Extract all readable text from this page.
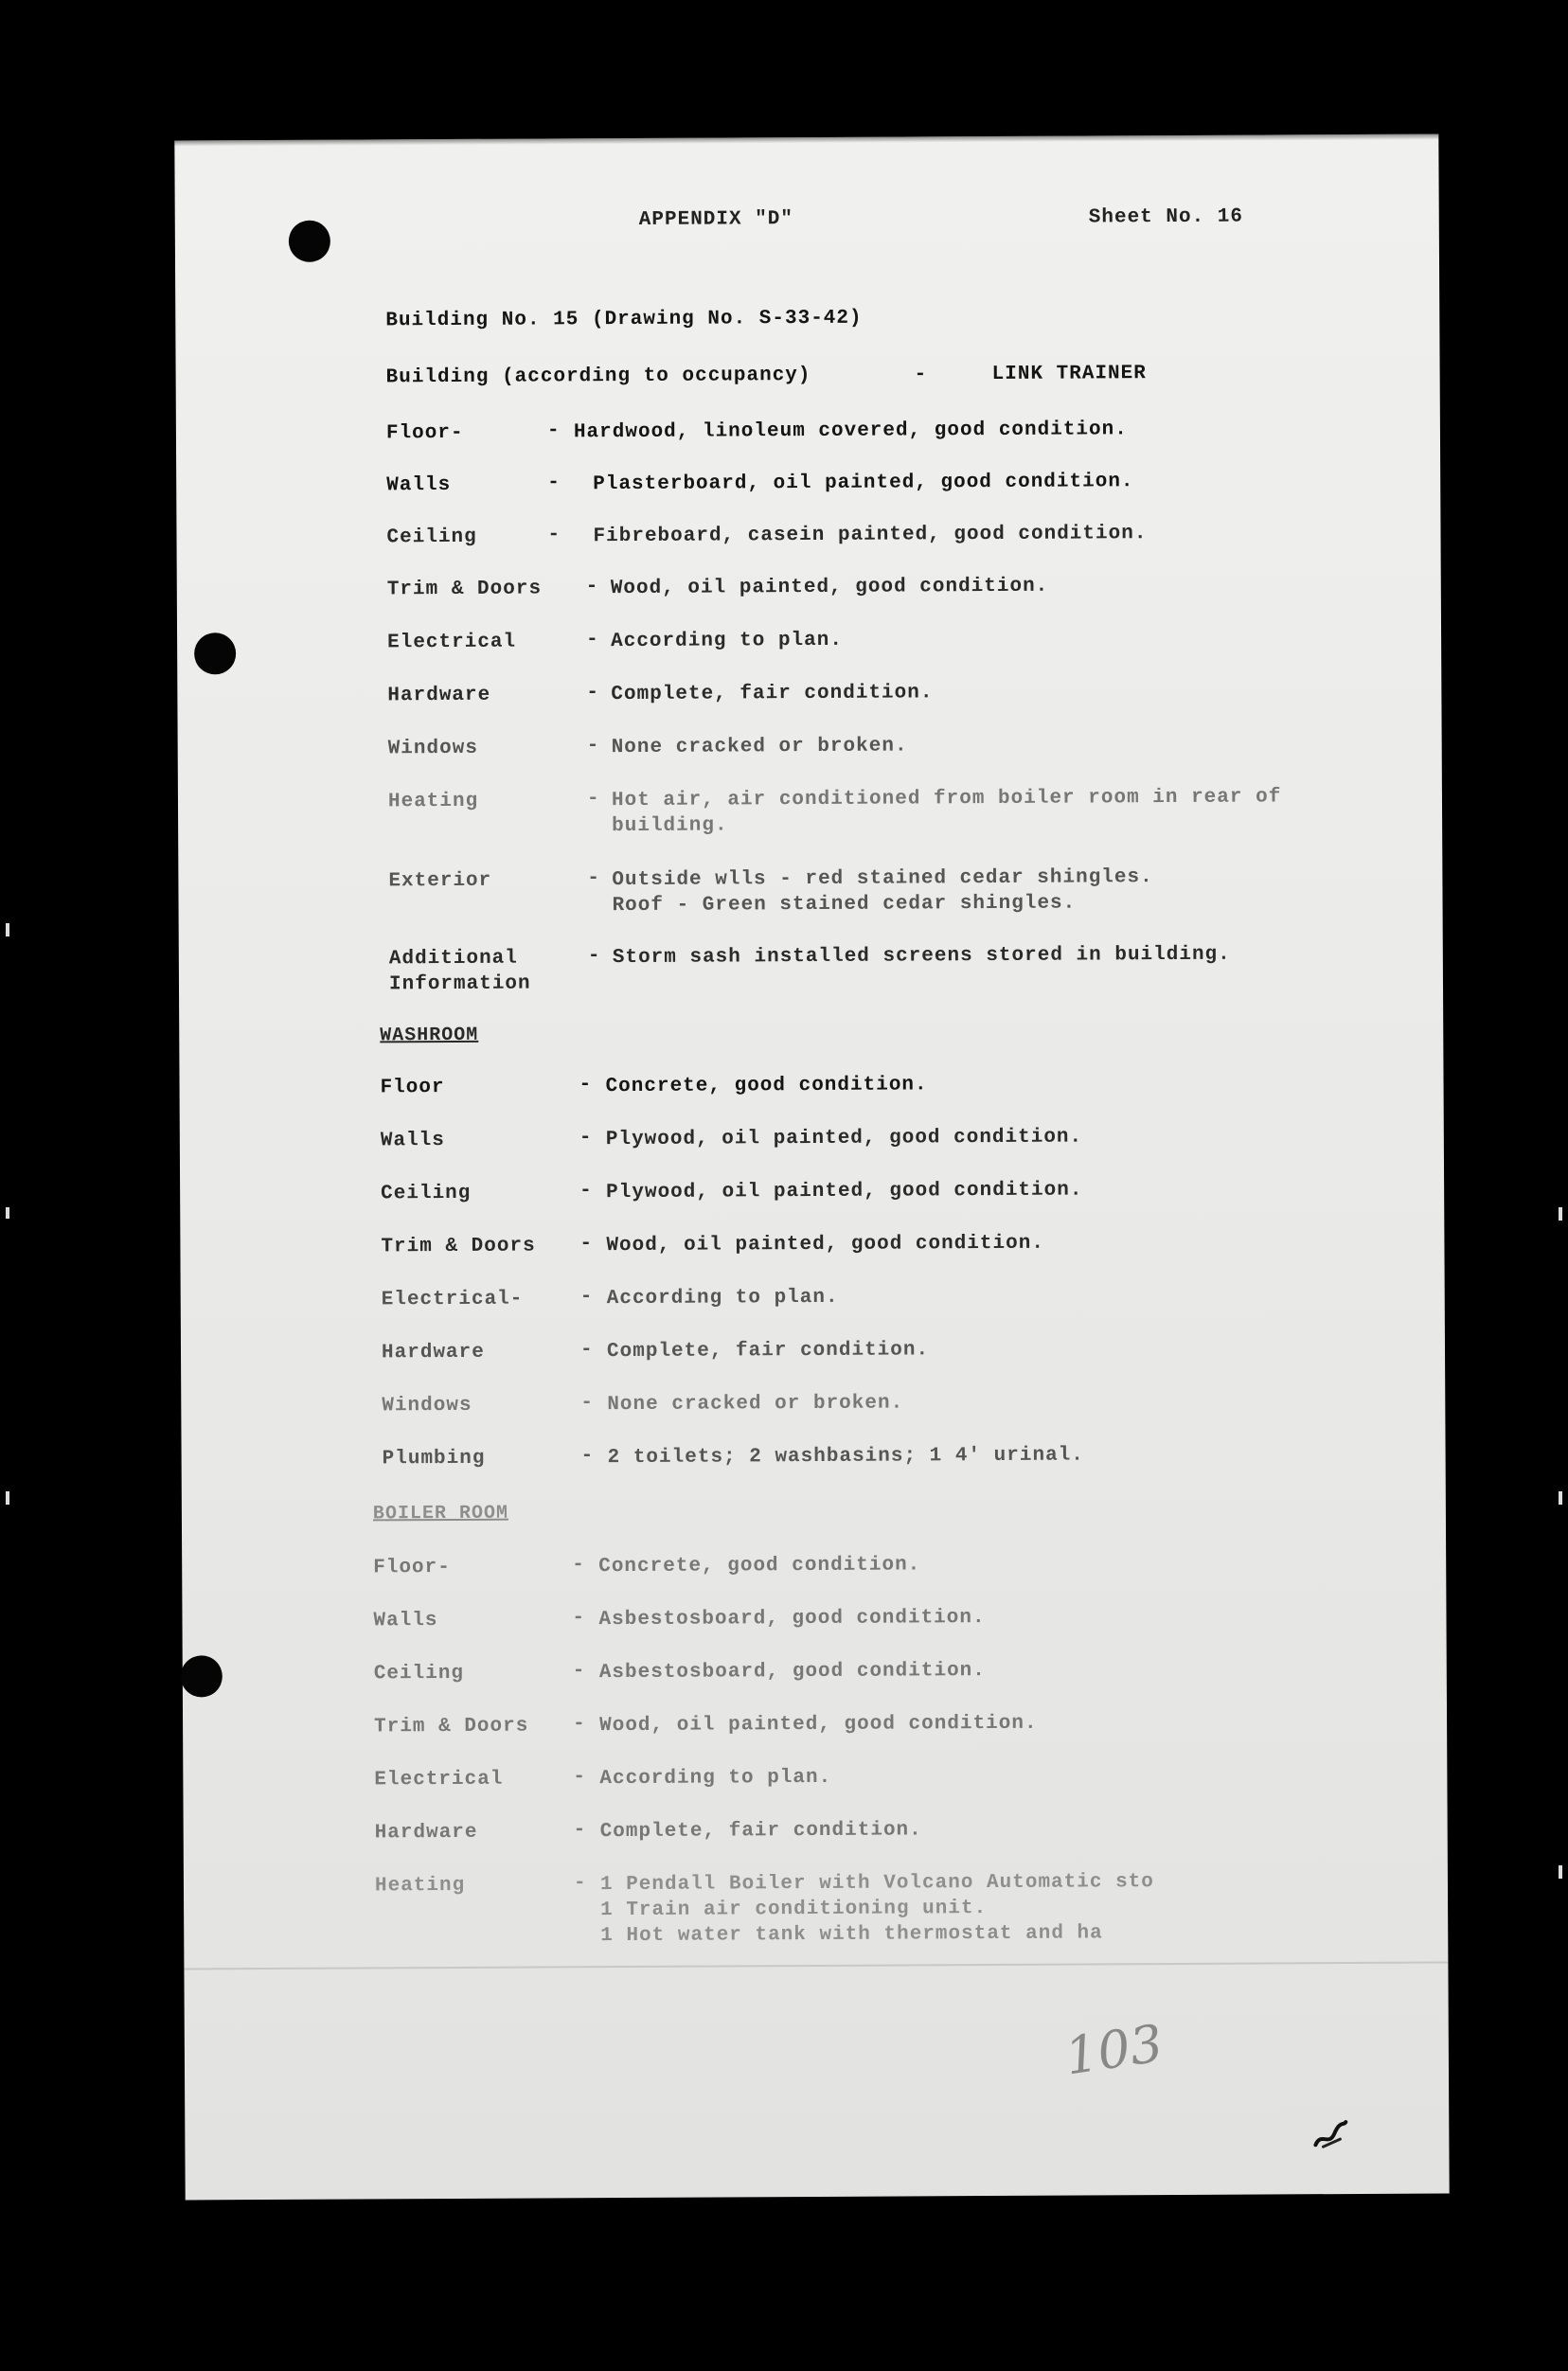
APPENDIX "D"	Sheet No. 16
Building No. 15 (Drawing No. S-33-42)
Building (according to occupancy)	-	LINK TRAINER
Floor-	- Hardwood, linoleum covered, good condition.
Walls	- Plasterboard, oil painted, good condition.
Ceiling	- Fibreboard, casein painted, good condition.
Trim & Doors - Wood, oil painted, good condition.
Electrical	- According to plan.
Hardware	- Complete, fair condition.
Windows	- None cracked or broken.
Heating	- Hot air, air conditioned from boiler room in rear of
building.
Exterior	- Outside wlls - red stained cedar shingles.
Roof - Green stained cedar shingles.
Additional
Information
- Storm sash installed screens stored in building.
WASHROOM
Floor	- Concrete, good condition.
Walls	- Plywood, oil painted, good condition.
Ceiling	- Plywood, oil painted, good condition.
Trim & Doors - Wood, oil painted, good condition.
Electrical-	- According to plan.
Hardware	- Complete, fair condition.
Windows	- None cracked or broken.
Plumbing	- 2 toilets; 2 washbasins; 1 4' urinal.
BOILER ROOM
Floor-	- Concrete, good condition.
Walls	- Asbestosboard, good condition.
Ceiling	- Asbestosboard, good condition.
Trim & Doors - Wood, oil painted, good condition.
Electrical	- According to plan.
Hardware	- Complete, fair condition.
Heating	- 1 Pendall Boiler with Volcano Automatic sto
1 Train air conditioning unit.
1 Hot water tank with thermostat and ha
103
